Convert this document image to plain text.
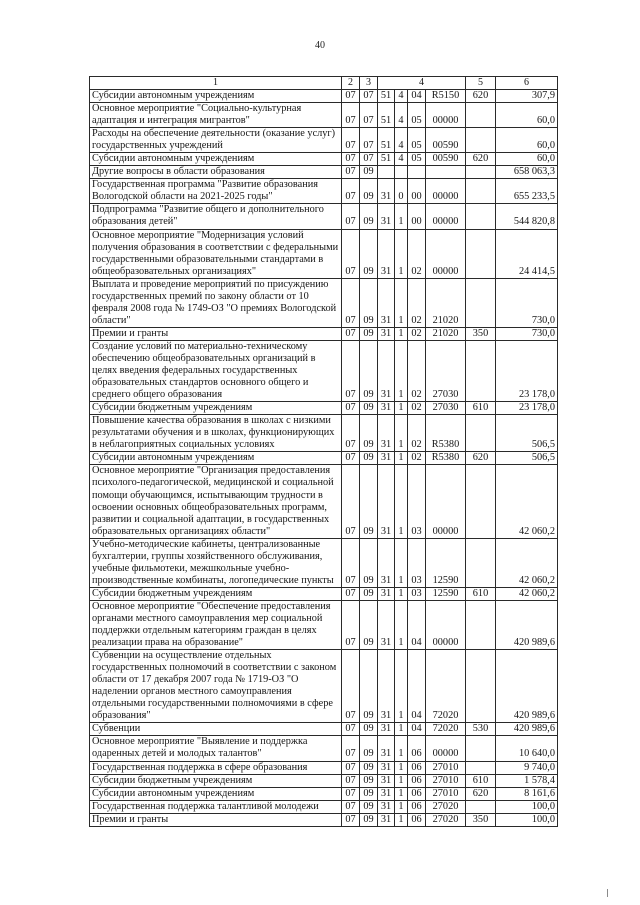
40
1	2	3	4				5	6
Субсидии автономным учреждениям	07	07	51	4	04	R5150	620	307,9
Основное мероприятие "Социально-культурная адаптация и интеграция мигрантов"	07	07	51	4	05	00000		60,0
Расходы на обеспечение деятельности (оказание услуг) государственных учреждений	07	07	51	4	05	00590		60,0
Субсидии автономным учреждениям	07	07	51	4	05	00590	620	60,0
Другие вопросы в области образования	07	09						658 063,3
Государственная программа "Развитие образования Вологодской области на 2021-2025 годы"	07	09	31	0	00	00000		655 233,5
Подпрограмма "Развитие общего и дополнительного образования детей"	07	09	31	1	00	00000		544 820,8
Основное мероприятие "Модернизация условий получения образования в соответствии с федеральными государственными образовательными стандартами в общеобразовательных организациях"	07	09	31	1	02	00000		24 414,5
Выплата и проведение мероприятий по присуждению государственных премий по закону области от 10 февраля 2008 года № 1749-ОЗ "О премиях Вологодской области"	07	09	31	1	02	21020		730,0
Премии и гранты	07	09	31	1	02	21020	350	730,0
Создание условий по материально-техническому обеспечению общеобразовательных организаций в целях введения федеральных государственных образовательных стандартов основного общего и среднего общего образования	07	09	31	1	02	27030		23 178,0
Субсидии бюджетным учреждениям	07	09	31	1	02	27030	610	23 178,0
Повышение качества образования в школах с низкими результатами обучения и в школах, функционирующих в неблагоприятных социальных условиях	07	09	31	1	02	R5380		506,5
Субсидии автономным учреждениям	07	09	31	1	02	R5380	620	506,5
Основное мероприятие "Организация предоставления психолого-педагогической, медицинской и социальной помощи обучающимся, испытывающим трудности в освоении основных общеобразовательных программ, развитии и социальной адаптации, в государственных образовательных организациях области"	07	09	31	1	03	00000		42 060,2
Учебно-методические кабинеты, централизованные бухгалтерии, группы хозяйственного обслуживания, учебные фильмотеки, межшкольные учебно-производственные комбинаты, логопедические пункты	07	09	31	1	03	12590		42 060,2
Субсидии бюджетным учреждениям	07	09	31	1	03	12590	610	42 060,2
Основное мероприятие "Обеспечение предоставления органами местного самоуправления мер социальной поддержки отдельным категориям граждан в целях реализации права на образование"	07	09	31	1	04	00000		420 989,6
Субвенции на осуществление отдельных государственных полномочий в соответствии с законом области от 17 декабря 2007 года № 1719-ОЗ "О наделении органов местного самоуправления отдельными государственными полномочиями в сфере образования"	07	09	31	1	04	72020		420 989,6
Субвенции	07	09	31	1	04	72020	530	420 989,6
Основное мероприятие "Выявление и поддержка одаренных детей и молодых талантов"	07	09	31	1	06	00000		10 640,0
Государственная поддержка в сфере образования	07	09	31	1	06	27010		9 740,0
Субсидии бюджетным учреждениям	07	09	31	1	06	27010	610	1 578,4
Субсидии автономным учреждениям	07	09	31	1	06	27010	620	8 161,6
Государственная поддержка талантливой молодежи	07	09	31	1	06	27020		100,0
Премии и гранты	07	09	31	1	06	27020	350	100,0
